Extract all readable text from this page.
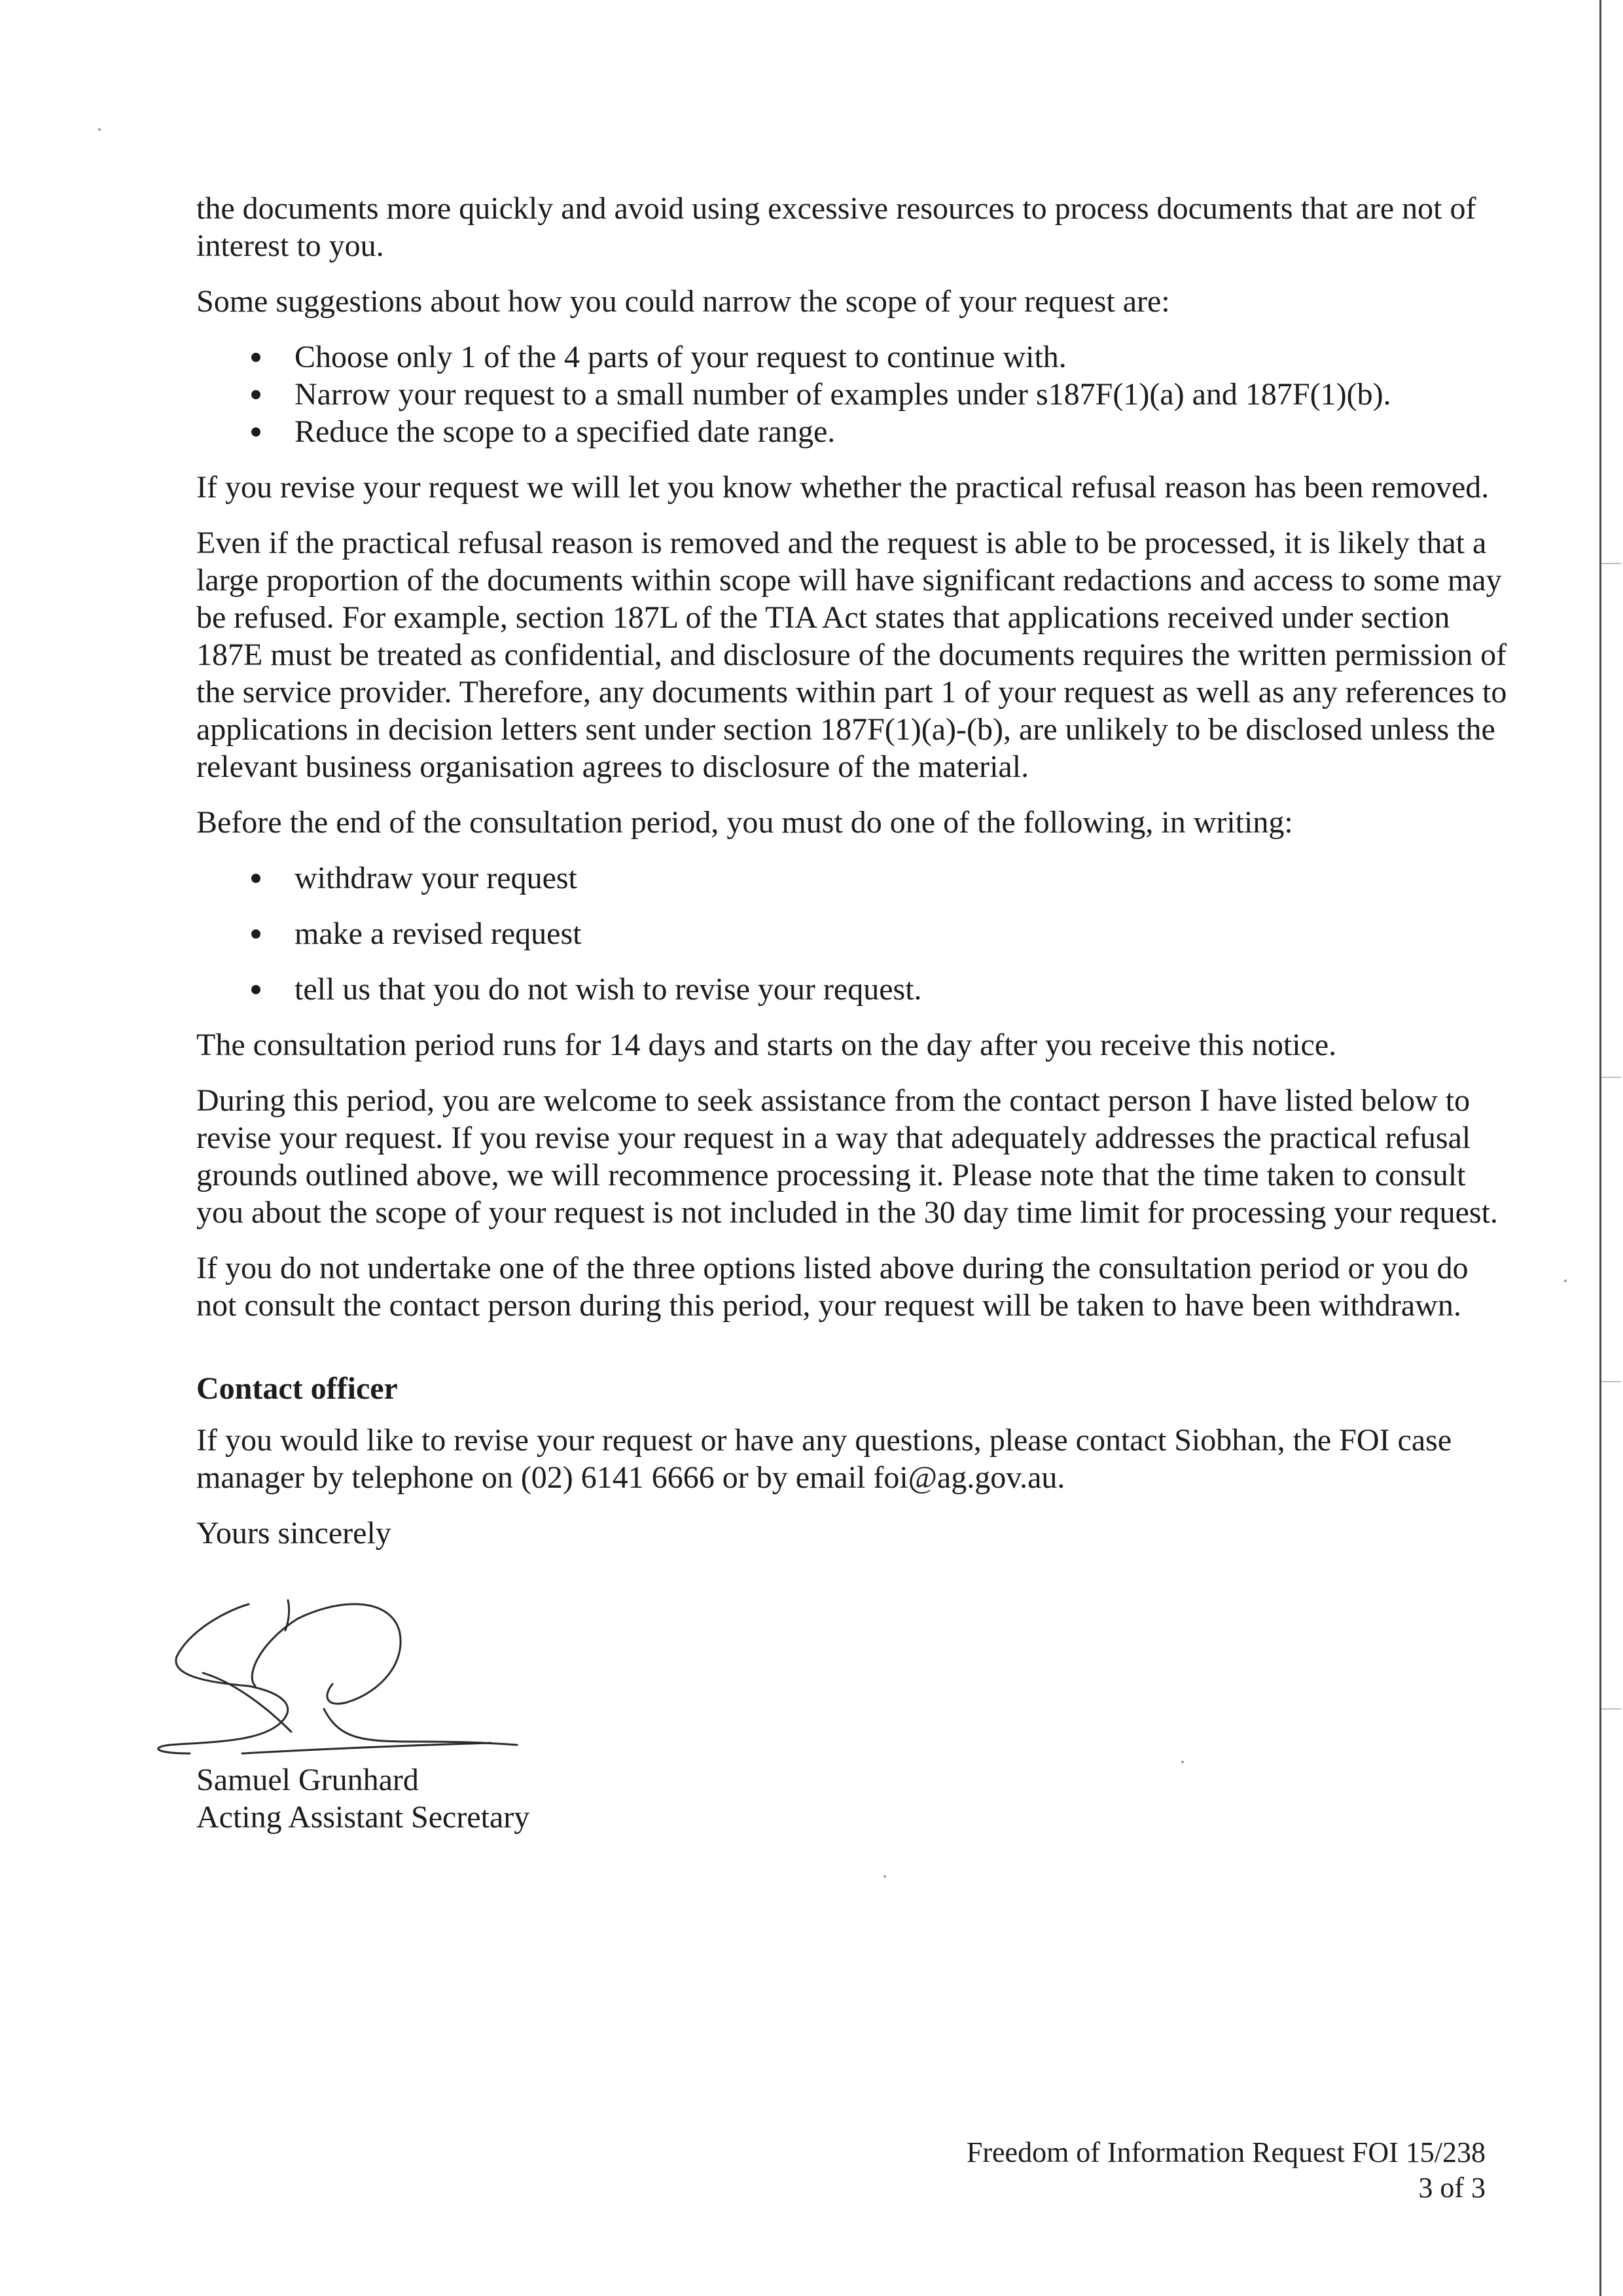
the documents more quickly and avoid using excessive resources to process documents that are not of interest to you.

Some suggestions about how you could narrow the scope of your request are:

Choose only 1 of the 4 parts of your request to continue with.
Narrow your request to a small number of examples under s187F(1)(a) and 187F(1)(b).
Reduce the scope to a specified date range.

If you revise your request we will let you know whether the practical refusal reason has been removed.

Even if the practical refusal reason is removed and the request is able to be processed, it is likely that a large proportion of the documents within scope will have significant redactions and access to some may be refused. For example, section 187L of the TIA Act states that applications received under section 187E must be treated as confidential, and disclosure of the documents requires the written permission of the service provider. Therefore, any documents within part 1 of your request as well as any references to applications in decision letters sent under section 187F(1)(a)-(b), are unlikely to be disclosed unless the relevant business organisation agrees to disclosure of the material.

Before the end of the consultation period, you must do one of the following, in writing:

withdraw your request
make a revised request
tell us that you do not wish to revise your request.

The consultation period runs for 14 days and starts on the day after you receive this notice.

During this period, you are welcome to seek assistance from the contact person I have listed below to revise your request. If you revise your request in a way that adequately addresses the practical refusal grounds outlined above, we will recommence processing it. Please note that the time taken to consult you about the scope of your request is not included in the 30 day time limit for processing your request.

If you do not undertake one of the three options listed above during the consultation period or you do not consult the contact person during this period, your request will be taken to have been withdrawn.

Contact officer

If you would like to revise your request or have any questions, please contact Siobhan, the FOI case manager by telephone on (02) 6141 6666 or by email foi@ag.gov.au.

Yours sincerely

Samuel Grunhard

Acting Assistant Secretary

Freedom of Information Request FOI 15/238
3 of 3
